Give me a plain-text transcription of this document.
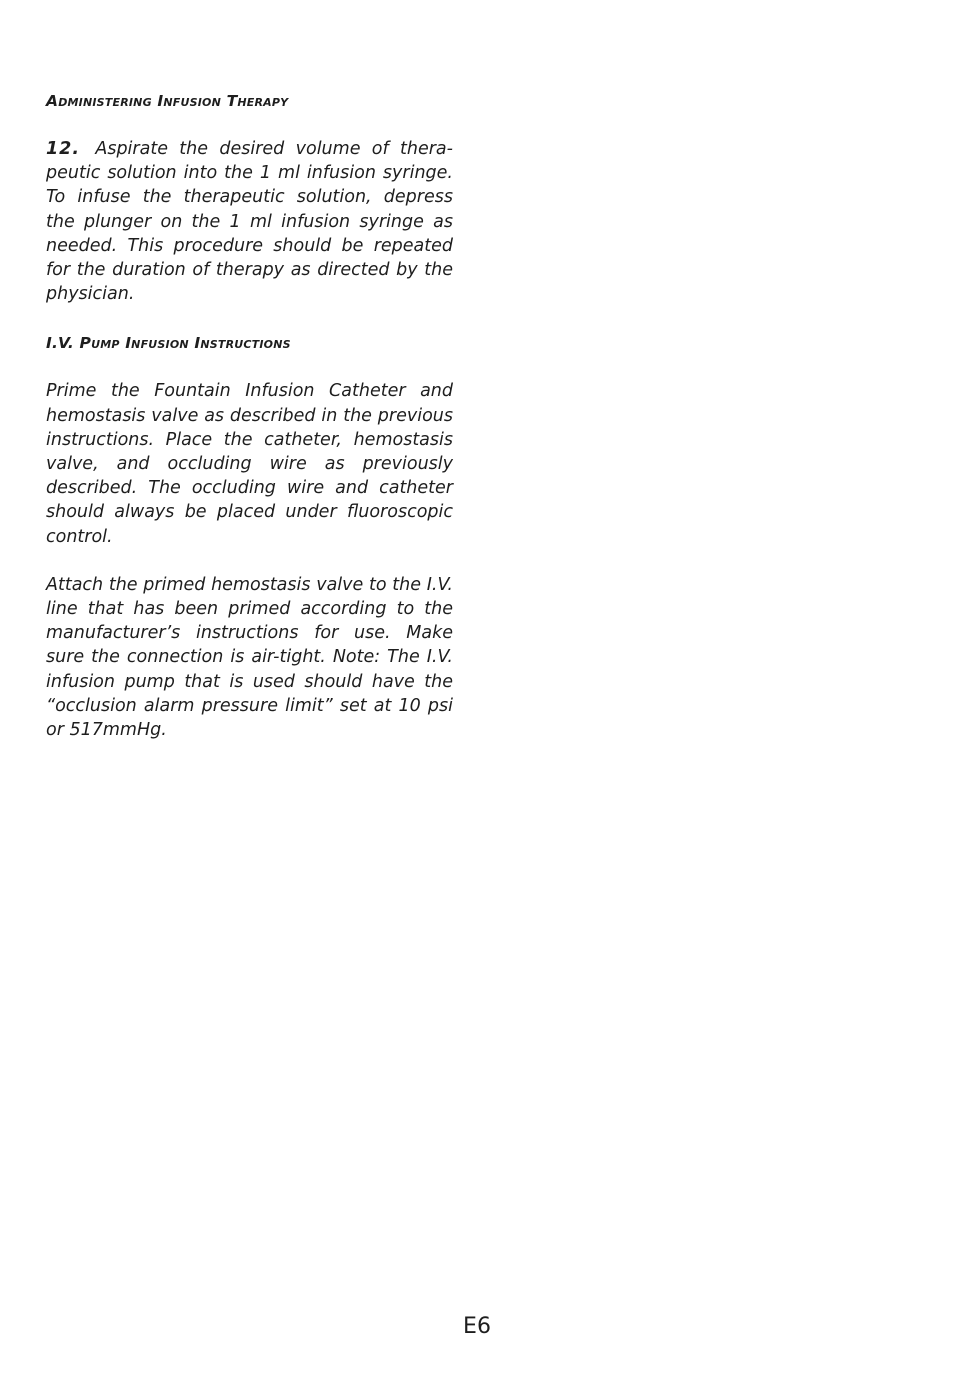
Administering Infusion Therapy

12. Aspirate the desired volume of therapeutic solution into the 1 ml infusion syringe. To infuse the therapeutic solution, depress the plunger on the 1 ml infusion syringe as needed. This procedure should be repeated for the duration of therapy as directed by the physician.

I.V. Pump Infusion Instructions

Prime the Fountain Infusion Catheter and hemostasis valve as described in the previous instructions. Place the catheter, hemostasis valve, and occluding wire as previously described. The occluding wire and catheter should always be placed under fluoroscopic control.

Attach the primed hemostasis valve to the I.V. line that has been primed according to the manufacturer’s instructions for use. Make sure the connection is air-tight. Note: The I.V. infusion pump that is used should have the “occlusion alarm pressure limit” set at 10 psi or 517mmHg.

E6
